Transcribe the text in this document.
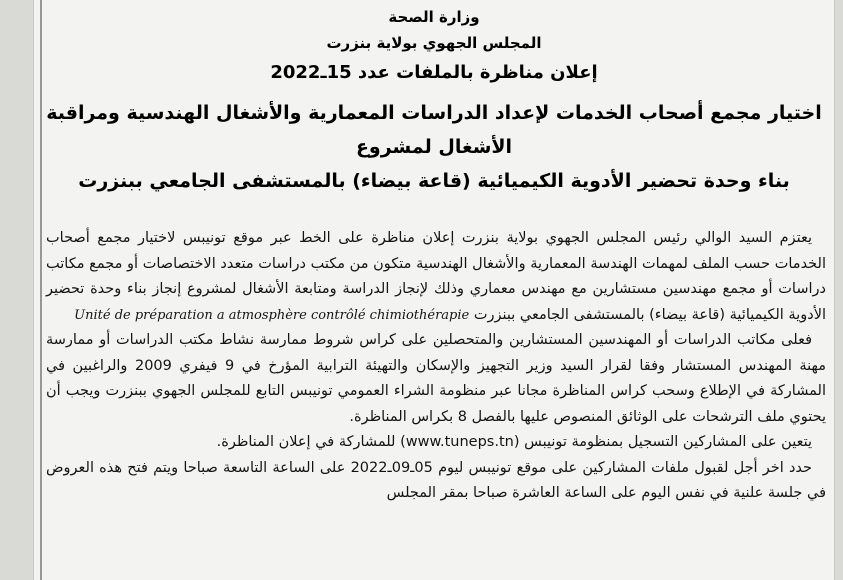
وزارة الصحة
المجلس الجهوي بولاية بنزرت
إعلان مناظرة بالملفات عدد 15ـ2022
اختيار مجمع أصحاب الخدمات لإعداد الدراسات المعمارية والأشغال الهندسية ومراقبة الأشغال لمشروع
بناء وحدة تحضير الأدوية الكيميائية (قاعة بيضاء) بالمستشفى الجامعي ببنزرت

يعتزم السيد الوالي رئيس المجلس الجهوي بولاية بنزرت إعلان مناظرة على الخط عبر موقع تونيبس لاختيار مجمع أصحاب الخدمات حسب الملف لمهمات الهندسة المعمارية والأشغال الهندسية متكون من مكتب دراسات متعدد الاختصاصات أو مجمع مكاتب دراسات أو مجمع مهندسين مستشارين مع مهندس معماري وذلك لإنجاز الدراسة ومتابعة الأشغال لمشروع إنجاز بناء وحدة تحضير الأدوية الكيميائية (قاعة بيضاء) بالمستشفى الجامعي ببنزرت Unité de préparation a atmosphère contrôlé chimiothérapie

فعلى مكاتب الدراسات أو المهندسين المستشارين والمتحصلين على كراس شروط ممارسة نشاط مكتب الدراسات أو ممارسة مهنة المهندس المستشار وفقا لقرار السيد وزير التجهيز والإسكان والتهيئة الترابية المؤرخ في 9 فيفري 2009 والراغبين في المشاركة في الإطلاع وسحب كراس المناظرة مجانا عبر منظومة الشراء العمومي تونيبس التابع للمجلس الجهوي ببنزرت ويجب أن يحتوي ملف الترشحات على الوثائق المنصوص عليها بالفصل 8 بكراس المناظرة.

يتعين على المشاركين التسجيل بمنظومة تونيبس (www.tuneps.tn) للمشاركة في إعلان المناظرة.

حدد اخر أجل لقبول ملفات المشاركين على موقع تونيبس ليوم 05ـ09ـ2022 على الساعة التاسعة صباحا ويتم فتح هذه العروض في جلسة علنية في نفس اليوم على الساعة العاشرة صباحا بمقر المجلس
